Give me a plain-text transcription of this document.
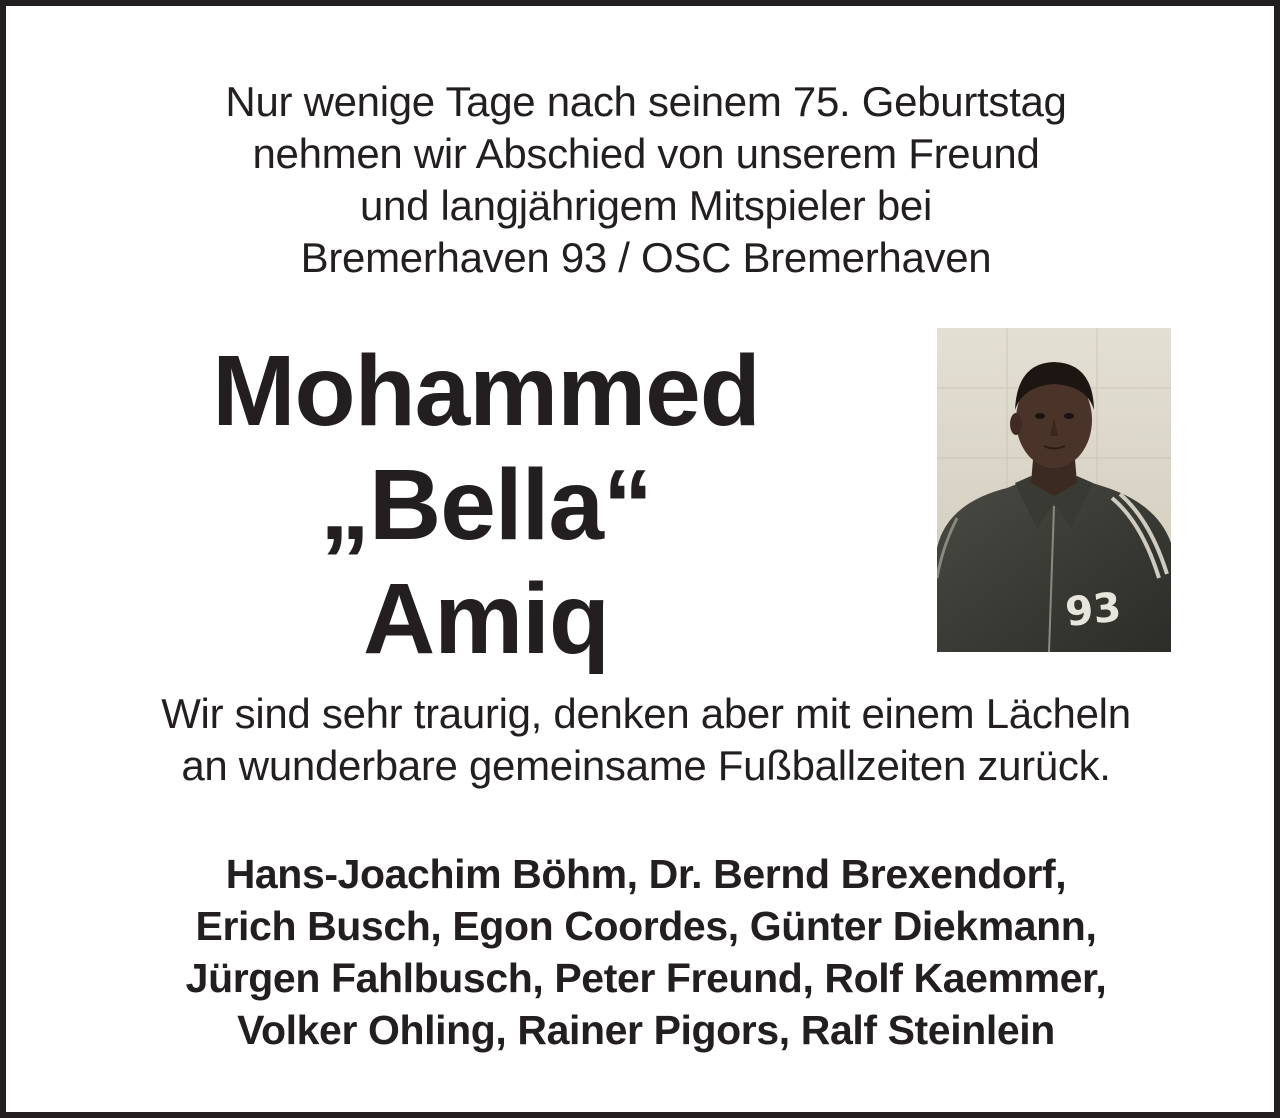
Nur wenige Tage nach seinem 75. Geburtstag
nehmen wir Abschied von unserem Freund
und langjährigem Mitspieler bei
Bremerhaven 93 / OSC Bremerhaven
Mohammed
„Bella“
Amiq	93
Wir sind sehr traurig, denken aber mit einem Lächeln
an wunderbare gemeinsame Fußballzeiten zurück.
Hans-Joachim Böhm, Dr. Bernd Brexendorf,
Erich Busch, Egon Coordes, Günter Diekmann,
Jürgen Fahlbusch, Peter Freund, Rolf Kaemmer,
Volker Ohling, Rainer Pigors, Ralf Steinlein
